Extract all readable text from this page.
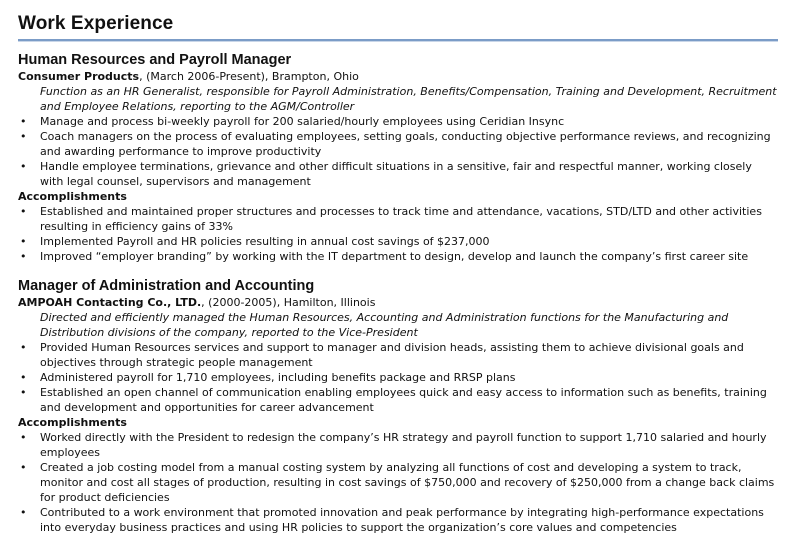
Work Experience
Human Resources and Payroll Manager
Consumer Products, (March 2006-Present), Brampton, Ohio

Function as an HR Generalist, responsible for Payroll Administration, Benefits/Compensation, Training and Development, Recruitment and Employee Relations, reporting to the AGM/Controller

• Manage and process bi-weekly payroll for 200 salaried/hourly employees using Ceridian Insync
• Coach managers on the process of evaluating employees, setting goals, conducting objective performance reviews, and recognizing and awarding performance to improve productivity
• Handle employee terminations, grievance and other difficult situations in a sensitive, fair and respectful manner, working closely with legal counsel, supervisors and management
Accomplishments
• Established and maintained proper structures and processes to track time and attendance, vacations, STD/LTD and other activities resulting in efficiency gains of 33%
• Implemented Payroll and HR policies resulting in annual cost savings of $237,000
• Improved “employer branding” by working with the IT department to design, develop and launch the company’s first career site
Manager of Administration and Accounting
AMPOAH Contacting Co., LTD., (2000-2005), Hamilton, Illinois

Directed and efficiently managed the Human Resources, Accounting and Administration functions for the Manufacturing and Distribution divisions of the company, reported to the Vice-President

• Provided Human Resources services and support to manager and division heads, assisting them to achieve divisional goals and objectives through strategic people management
• Administered payroll for 1,710 employees, including benefits package and RRSP plans
• Established an open channel of communication enabling employees quick and easy access to information such as benefits, training and development and opportunities for career advancement
Accomplishments
• Worked directly with the President to redesign the company’s HR strategy and payroll function to support 1,710 salaried and hourly employees
• Created a job costing model from a manual costing system by analyzing all functions of cost and developing a system to track, monitor and cost all stages of production, resulting in cost savings of $750,000 and recovery of $250,000 from a change back claims for product deficiencies
• Contributed to a work environment that promoted innovation and peak performance by integrating high-performance expectations into everyday business practices and using HR policies to support the organization’s core values and competencies
